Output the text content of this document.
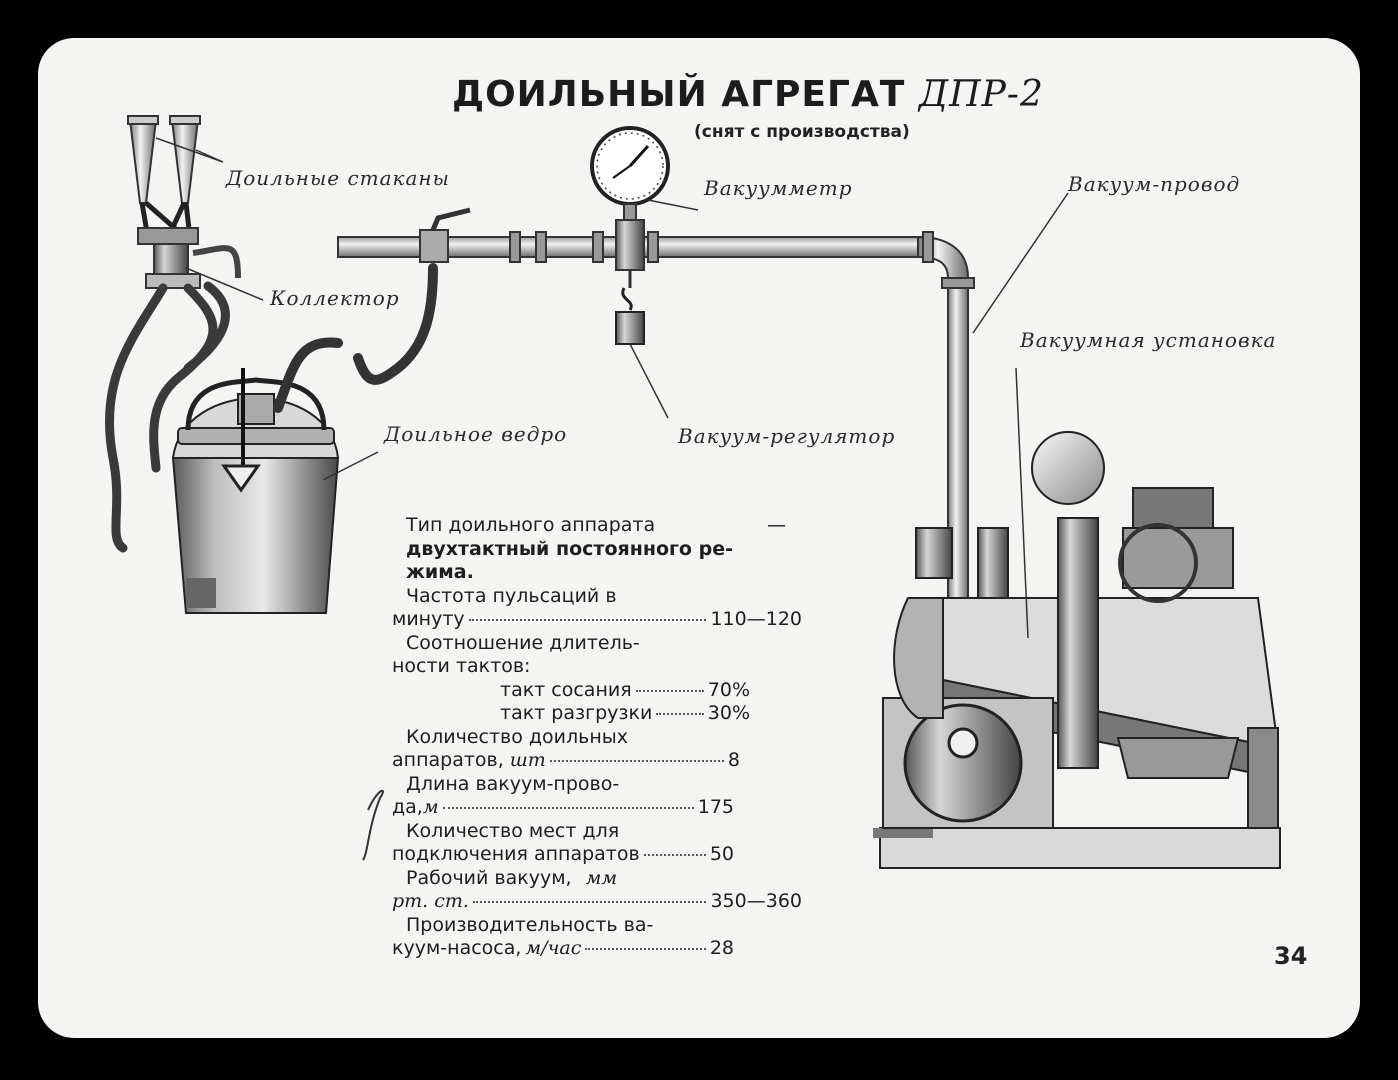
ДОИЛЬНЫЙ АГРЕГАТ ДПР-2
(снят с производства)
Доильные стаканы
Коллектор
Доильное ведро
Вакуумметр
Вакуум-регулятор
Вакуум-провод
Вакуумная установка
Тип доильного аппарата	—
двухтактный постоянного ре-
жима.
Частота пульсаций в
минуту	110—120
Соотношение длитель-
ности тактов:
такт сосания	70%
такт разгрузки	30%
Количество доильных
аппаратов, шт	8
Длина вакуум-прово-
да, м	175
Количество мест для
подключения аппаратов	50
Рабочий вакуум, мм
рт. ст.	350—360
Производительность ва-
куум-насоса, м/час	28	34
